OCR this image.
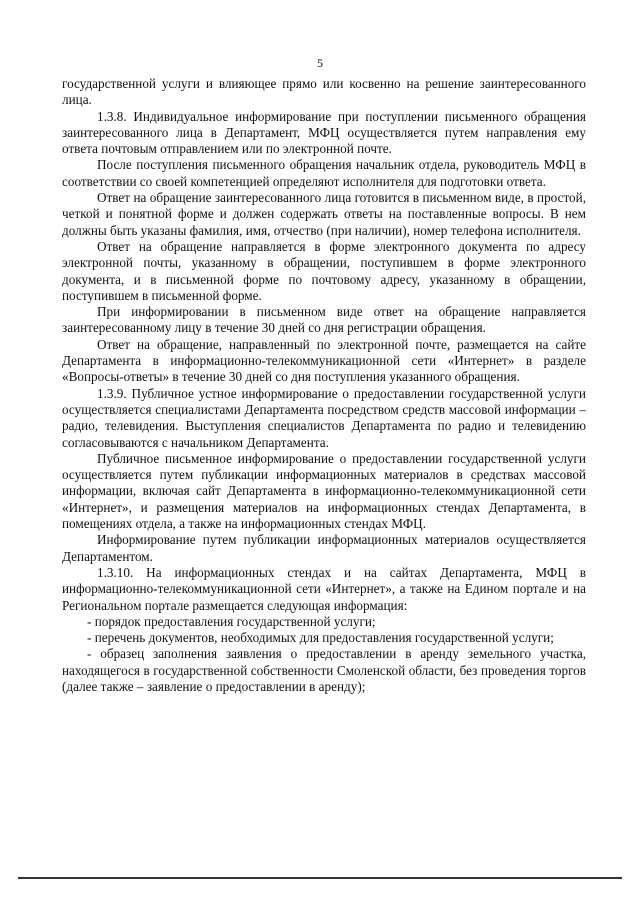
5

государственной услуги и влияющее прямо или косвенно на решение заинтересованного лица.

1.3.8. Индивидуальное информирование при поступлении письменного обращения заинтересованного лица в Департамент, МФЦ осуществляется путем направления ему ответа почтовым отправлением или по электронной почте.

После поступления письменного обращения начальник отдела, руководитель МФЦ в соответствии со своей компетенцией определяют исполнителя для подготовки ответа.

Ответ на обращение заинтересованного лица готовится в письменном виде, в простой, четкой и понятной форме и должен содержать ответы на поставленные вопросы. В нем должны быть указаны фамилия, имя, отчество (при наличии), номер телефона исполнителя.

Ответ на обращение направляется в форме электронного документа по адресу электронной почты, указанному в обращении, поступившем в форме электронного документа, и в письменной форме по почтовому адресу, указанному в обращении, поступившем в письменной форме.

При информировании в письменном виде ответ на обращение направляется заинтересованному лицу в течение 30 дней со дня регистрации обращения.

Ответ на обращение, направленный по электронной почте, размещается на сайте Департамента в информационно-телекоммуникационной сети «Интернет» в разделе «Вопросы-ответы» в течение 30 дней со дня поступления указанного обращения.

1.3.9. Публичное устное информирование о предоставлении государственной услуги осуществляется специалистами Департамента посредством средств массовой информации – радио, телевидения. Выступления специалистов Департамента по радио и телевидению согласовываются с начальником Департамента.

Публичное письменное информирование о предоставлении государственной услуги осуществляется путем публикации информационных материалов в средствах массовой информации, включая сайт Департамента в информационно-телекоммуникационной сети «Интернет», и размещения материалов на информационных стендах Департамента, в помещениях отдела, а также на информационных стендах МФЦ.

Информирование путем публикации информационных материалов осуществляется Департаментом.

1.3.10. На информационных стендах и на сайтах Департамента, МФЦ в информационно-телекоммуникационной сети «Интернет», а также на Едином портале и на Региональном портале размещается следующая информация:

- порядок предоставления государственной услуги;

- перечень документов, необходимых для предоставления государственной услуги;

- образец заполнения заявления о предоставлении в аренду земельного участка, находящегося в государственной собственности Смоленской области, без проведения торгов (далее также – заявление о предоставлении в аренду);
